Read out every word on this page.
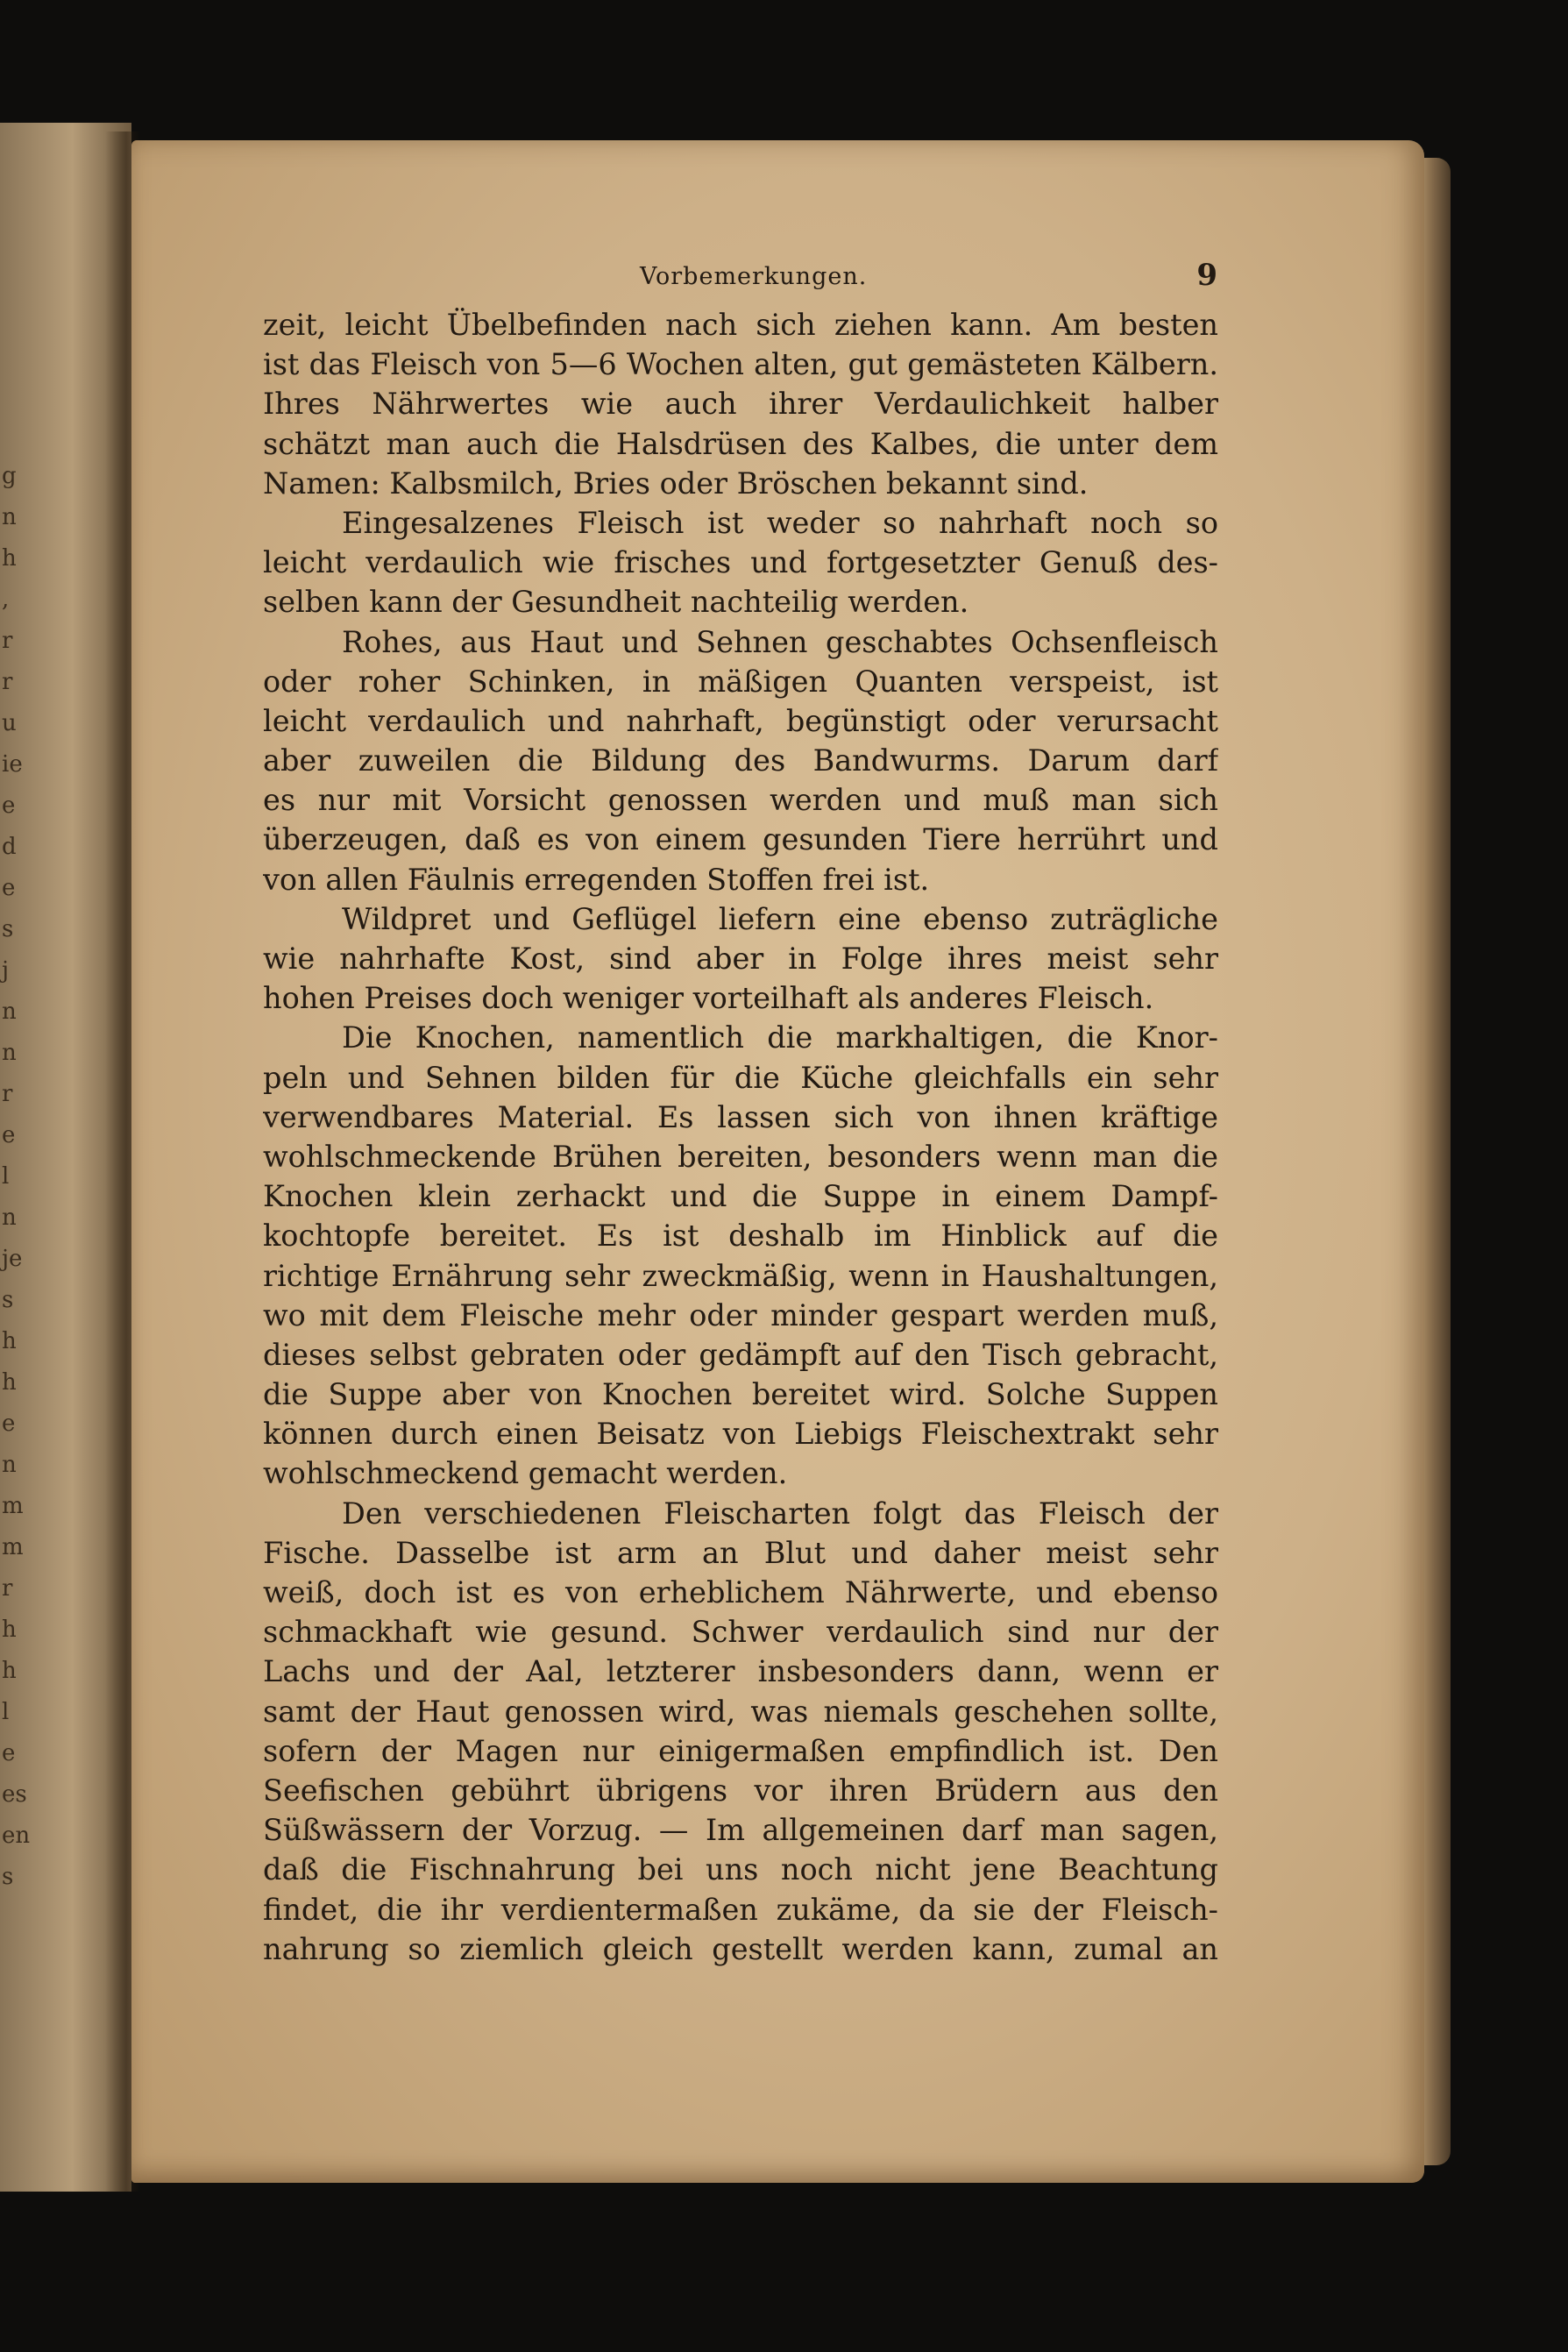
g
n
h
,
r
r
u
ie
e
d
e
s
j
n
n
r
e
l
n
je
s
h
h
e
n
m
m
r
h
h
l
e
es
en
s
Vorbemerkungen.	9
zeit, leicht Übelbefinden nach sich ziehen kann. Am besten
ist das Fleisch von 5—6 Wochen alten, gut gemästeten Kälbern.
Ihres Nährwertes wie auch ihrer Verdaulichkeit halber
schätzt man auch die Halsdrüsen des Kalbes, die unter dem
Namen: Kalbsmilch, Bries oder Bröschen bekannt sind.
Eingesalzenes Fleisch ist weder so nahrhaft noch so
leicht verdaulich wie frisches und fortgesetzter Genuß des-
selben kann der Gesundheit nachteilig werden.
Rohes, aus Haut und Sehnen geschabtes Ochsenfleisch
oder roher Schinken, in mäßigen Quanten verspeist, ist
leicht verdaulich und nahrhaft, begünstigt oder verursacht
aber zuweilen die Bildung des Bandwurms. Darum darf
es nur mit Vorsicht genossen werden und muß man sich
überzeugen, daß es von einem gesunden Tiere herrührt und
von allen Fäulnis erregenden Stoffen frei ist.
Wildpret und Geflügel liefern eine ebenso zuträgliche
wie nahrhafte Kost, sind aber in Folge ihres meist sehr
hohen Preises doch weniger vorteilhaft als anderes Fleisch.
Die Knochen, namentlich die markhaltigen, die Knor-
peln und Sehnen bilden für die Küche gleichfalls ein sehr
verwendbares Material. Es lassen sich von ihnen kräftige
wohlschmeckende Brühen bereiten, besonders wenn man die
Knochen klein zerhackt und die Suppe in einem Dampf-
kochtopfe bereitet. Es ist deshalb im Hinblick auf die
richtige Ernährung sehr zweckmäßig, wenn in Haushaltungen,
wo mit dem Fleische mehr oder minder gespart werden muß,
dieses selbst gebraten oder gedämpft auf den Tisch gebracht,
die Suppe aber von Knochen bereitet wird. Solche Suppen
können durch einen Beisatz von Liebigs Fleischextrakt sehr
wohlschmeckend gemacht werden.
Den verschiedenen Fleischarten folgt das Fleisch der
Fische. Dasselbe ist arm an Blut und daher meist sehr
weiß, doch ist es von erheblichem Nährwerte, und ebenso
schmackhaft wie gesund. Schwer verdaulich sind nur der
Lachs und der Aal, letzterer insbesonders dann, wenn er
samt der Haut genossen wird, was niemals geschehen sollte,
sofern der Magen nur einigermaßen empfindlich ist. Den
Seefischen gebührt übrigens vor ihren Brüdern aus den
Süßwässern der Vorzug. — Im allgemeinen darf man sagen,
daß die Fischnahrung bei uns noch nicht jene Beachtung
findet, die ihr verdientermaßen zukäme, da sie der Fleisch-
nahrung so ziemlich gleich gestellt werden kann, zumal an
